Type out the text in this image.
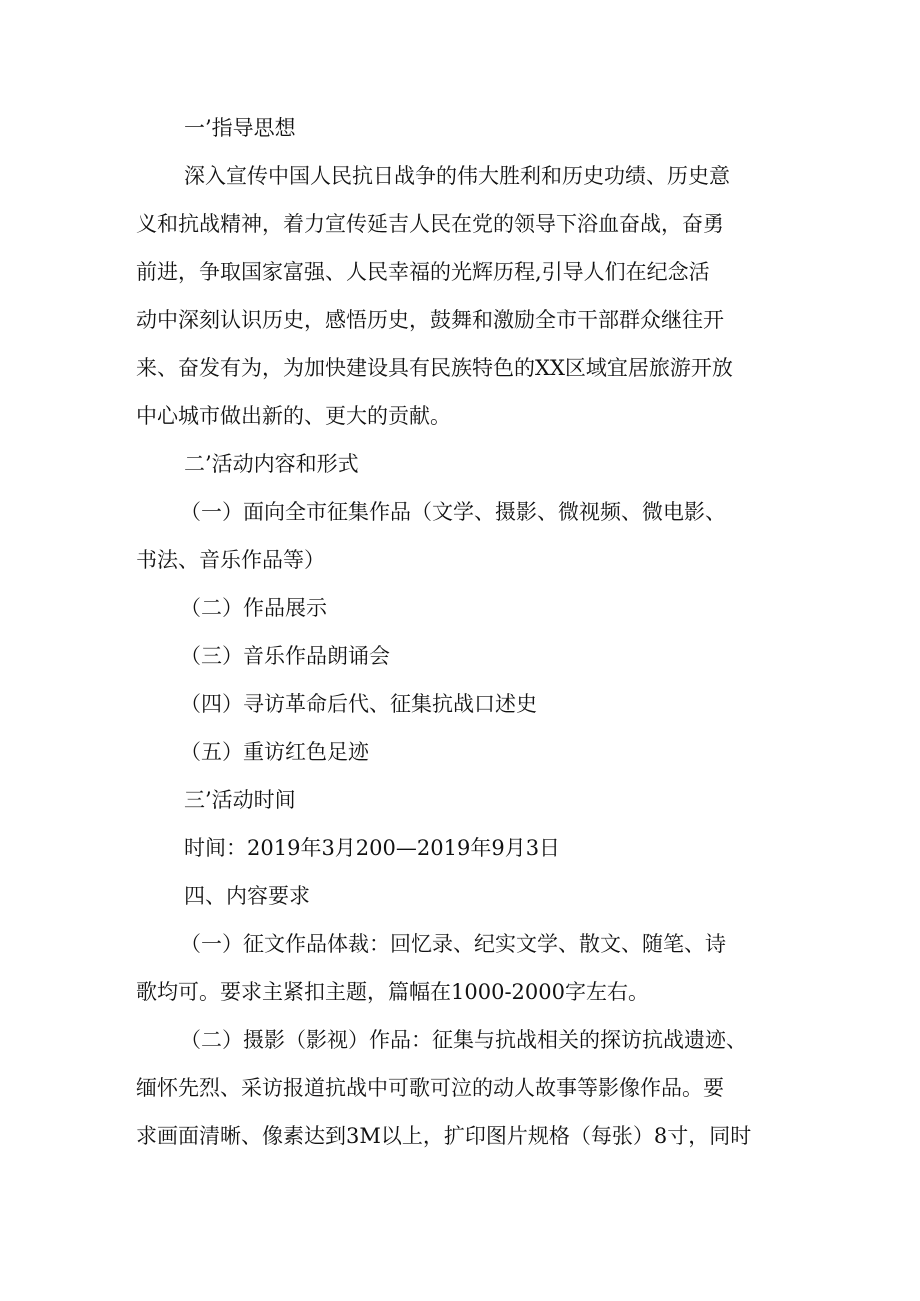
一’指导思想

深入宣传中国人民抗日战争的伟大胜利和历史功绩、历史意

义和抗战精神，着力宣传延吉人民在党的领导下浴血奋战，奋勇

前进，争取国家富强、人民幸福的光辉历程,引导人们在纪念活

动中深刻认识历史，感悟历史，鼓舞和激励全市干部群众继往开

来、奋发有为，为加快建设具有民族特色的XX区域宜居旅游开放

中心城市做出新的、更大的贡献。

二’活动内容和形式

（一）面向全市征集作品（文学、摄影、微视频、微电影、

书法、音乐作品等）

（二）作品展示

（三）音乐作品朗诵会

（四）寻访革命后代、征集抗战口述史

（五）重访红色足迹

三’活动时间

时间：2019年3月200—2019年9月3日

四、内容要求

（一）征文作品体裁：回忆录、纪实文学、散文、随笔、诗

歌均可。要求主紧扣主题，篇幅在1000-2000字左右。

（二）摄影（影视）作品：征集与抗战相关的探访抗战遗迹、

缅怀先烈、采访报道抗战中可歌可泣的动人故事等影像作品。要

求画面清晰、像素达到3M以上，扩印图片规格（每张）8寸，同时
